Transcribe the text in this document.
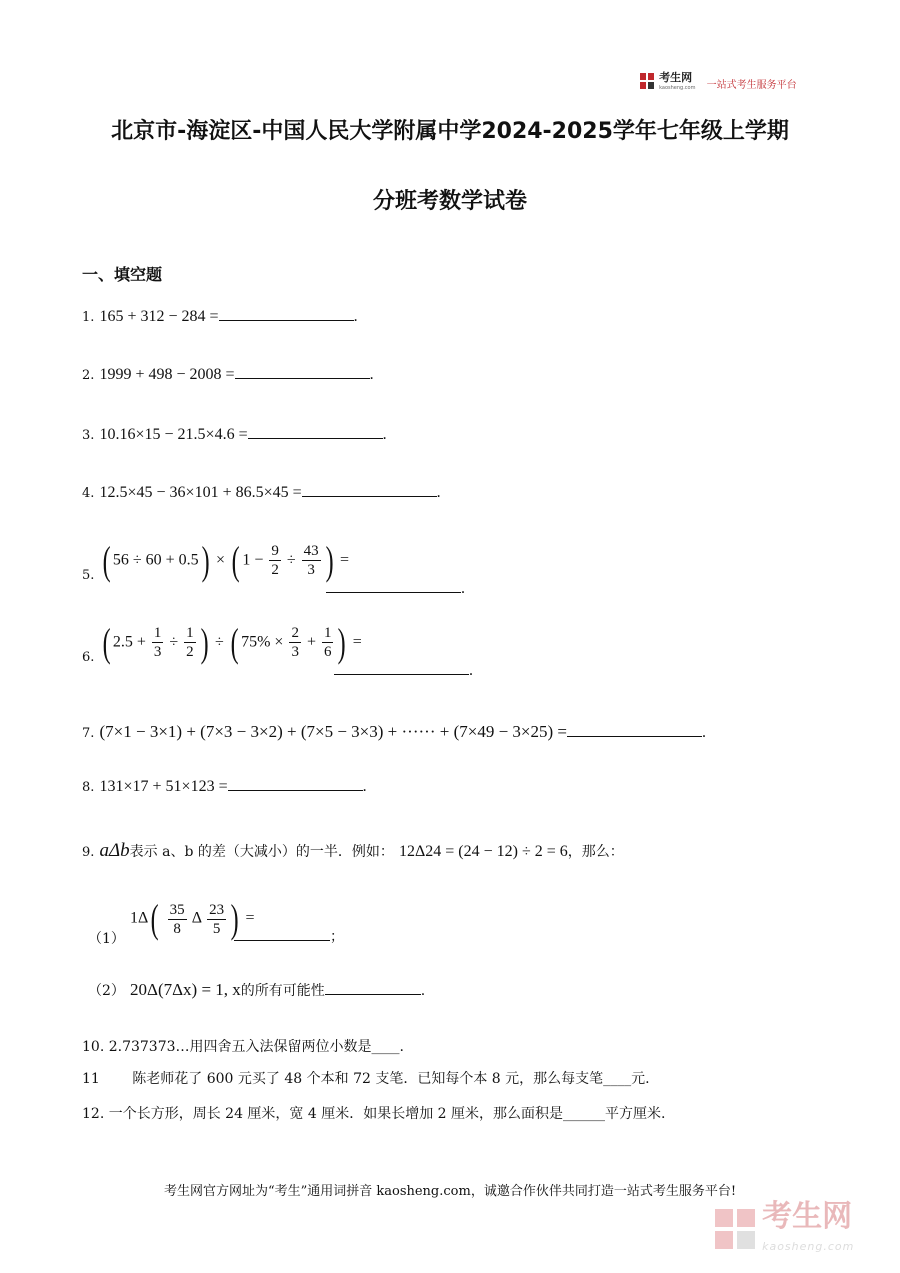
考生网
kaosheng.com 一站式考生服务平台
北京市-海淀区-中国人民大学附属中学2024-2025学年七年级上学期
分班考数学试卷
一、填空题
1. 165 + 312 − 284 =	.
2. 1999 + 498 − 2008 =	.
3. 10.16×15 − 21.5×4.6 =	.
4. 12.5×45 − 36×101 + 86.5×45 =	.
5. ( 56 ÷ 60 + 0.5) × ( $1 - \frac{9}{2} \div \frac{43}{3}$ ) =
.
6. ( $2.5 + \frac{1}{3} \div \frac{1}{2}$ ) ÷ ( $75\% \times \frac{2}{3} + \frac{1}{6}$ ) =
.
7. (7×1 − 3×1) + (7×3 − 3×2) + (7×5 − 3×3) + ······ + (7×49 − 3×25) =	.
8. 131×17 + 51×123 =	.
9. aΔb表示 a、b 的差（大减小）的一半．例如： 12Δ24 = (24 − 12) ÷ 2 = 6，那么：
（1） $1\Delta( \frac{35}{8}$ Δ $\frac{23}{5}$ ) =
；
（2） 20Δ(7Δx) = 1, x的所有可能性	.
10. 2.737373…用四舍五入法保留两位小数是____.
11 陈老师花了 600 元买了 48 个本和 72 支笔．已知每个本 8 元，那么每支笔____元.
12. 一个长方形，周长 24 厘米，宽 4 厘米．如果长增加 2 厘米，那么面积是______平方厘米.
考生网官方网址为“考生”通用词拼音 kaosheng.com，诚邀合作伙伴共同打造一站式考生服务平台!
考生网
kaosheng.com
